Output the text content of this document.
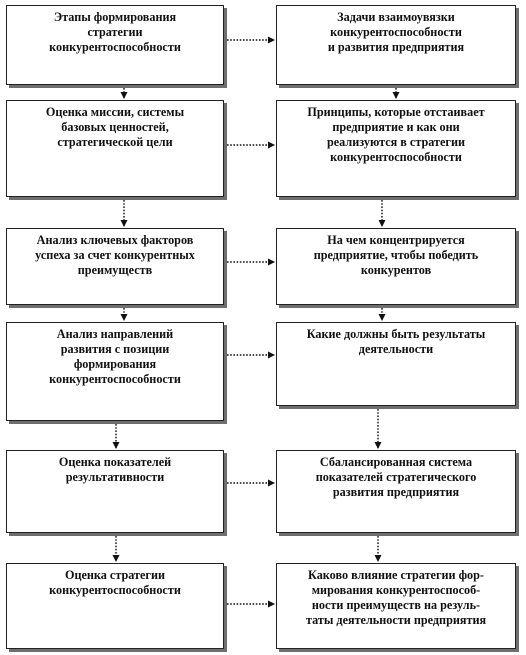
Этапы формирования
стратегии
конкурентоспособности
Оценка миссии, системы
базовых ценностей,
стратегической цели
Анализ ключевых факторов
успеха за счет конкурентных
преимуществ
Анализ направлений
развития с позиции
формирования
конкурентоспособности
Оценка показателей
результативности
Оценка стратегии
конкурентоспособности
Задачи взаимоувязки
конкурентоспособности
и развития предприятия
Принципы, которые отстаивает
предприятие и как они
реализуются в стратегии
конкурентоспособности
На чем концентрируется
предприятие, чтобы победить
конкурентов
Какие должны быть результаты
деятельности
Сбалансированная система
показателей стратегического
развития предприятия
Каково влияние стратегии фор-
мирования конкурентоспособ-
ности преимуществ на резуль-
таты деятельности предприятия
